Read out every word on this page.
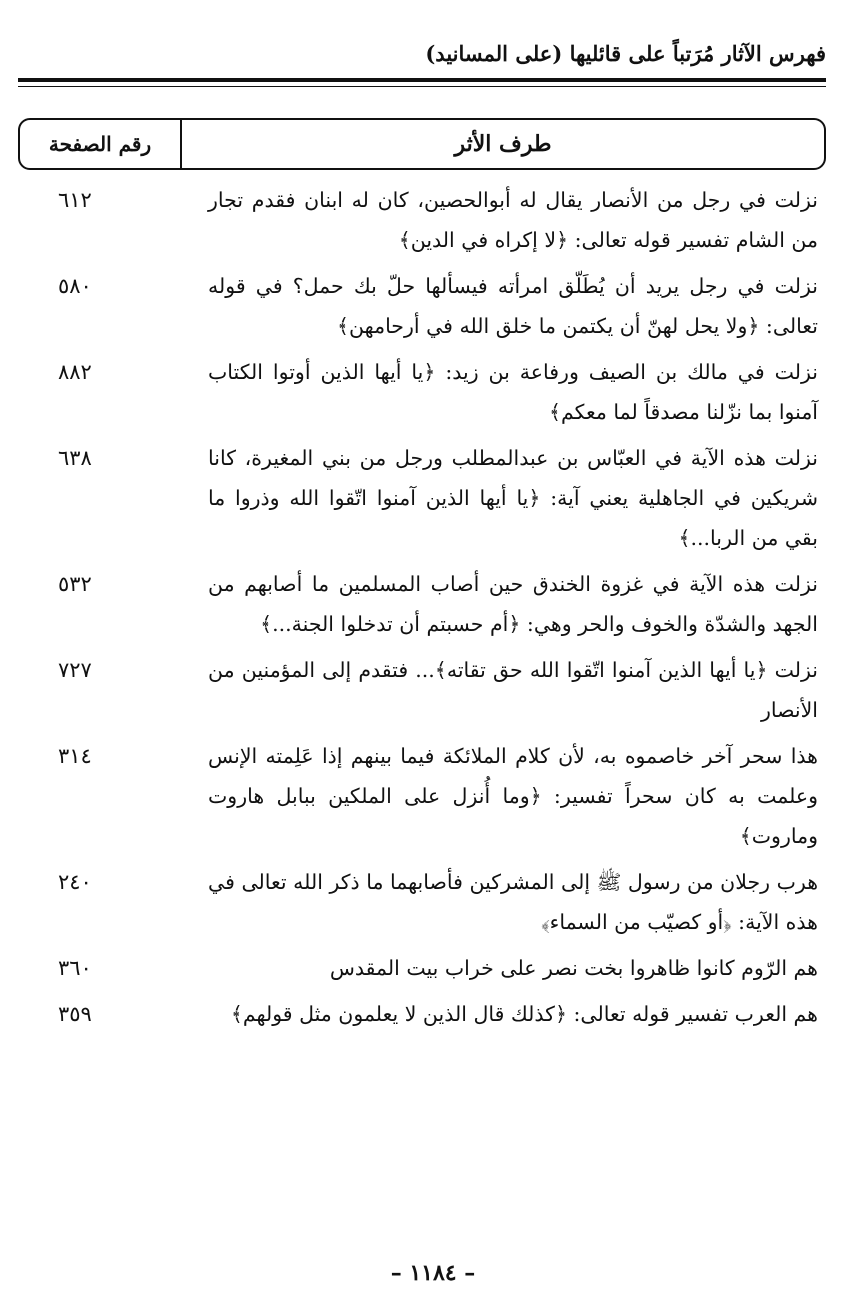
فهرس الآثار مُرَتباً على قائليها (على المسانيد)
طرف الأثر
رقم الصفحة
نزلت في رجل من الأنصار يقال له أبوالحصين، كان له ابنان فقدم تجار من الشام تفسير قوله تعالى: ﴿لا إكراه في الدين﴾
٦١٢
نزلت في رجل يريد أن يُطَلّق امرأته فيسألها حلّ بك حمل؟ في قوله تعالى: ﴿ولا يحل لهنّ أن يكتمن ما خلق الله في أرحامهن﴾
٥٨٠
نزلت في مالك بن الصيف ورفاعة بن زيد: ﴿يا أيها الذين أوتوا الكتاب آمنوا بما نزّلنا مصدقاً لما معكم﴾
٨٨٢
نزلت هذه الآية في العبّاس بن عبدالمطلب ورجل من بني المغيرة، كانا شريكين في الجاهلية يعني آية: ﴿يا أيها الذين آمنوا اتّقوا الله وذروا ما بقي من الربا...﴾
٦٣٨
نزلت هذه الآية في غزوة الخندق حين أصاب المسلمين ما أصابهم من الجهد والشدّة والخوف والحر وهي: ﴿أم حسبتم أن تدخلوا الجنة...﴾
٥٣٢
نزلت ﴿يا أيها الذين آمنوا اتّقوا الله حق تقاته﴾... فتقدم إلى المؤمنين من الأنصار
٧٢٧
هذا سحر آخر خاصموه به، لأن كلام الملائكة فيما بينهم إذا عَلِمته الإنس وعلمت به كان سحراً تفسير: ﴿وما أُنزل على الملكين ببابل هاروت وماروت﴾
٣١٤
هرب رجلان من رسول ﷺ إلى المشركين فأصابهما ما ذكر الله تعالى في هذه الآية: ﴿أو كصيّب من السماء﴾
٢٤٠
هم الرّوم كانوا ظاهروا بخت نصر على خراب بيت المقدس
٣٦٠
هم العرب تفسير قوله تعالى: ﴿كذلك قال الذين لا يعلمون مثل قولهم﴾
٣٥٩
– ١١٨٤ –
